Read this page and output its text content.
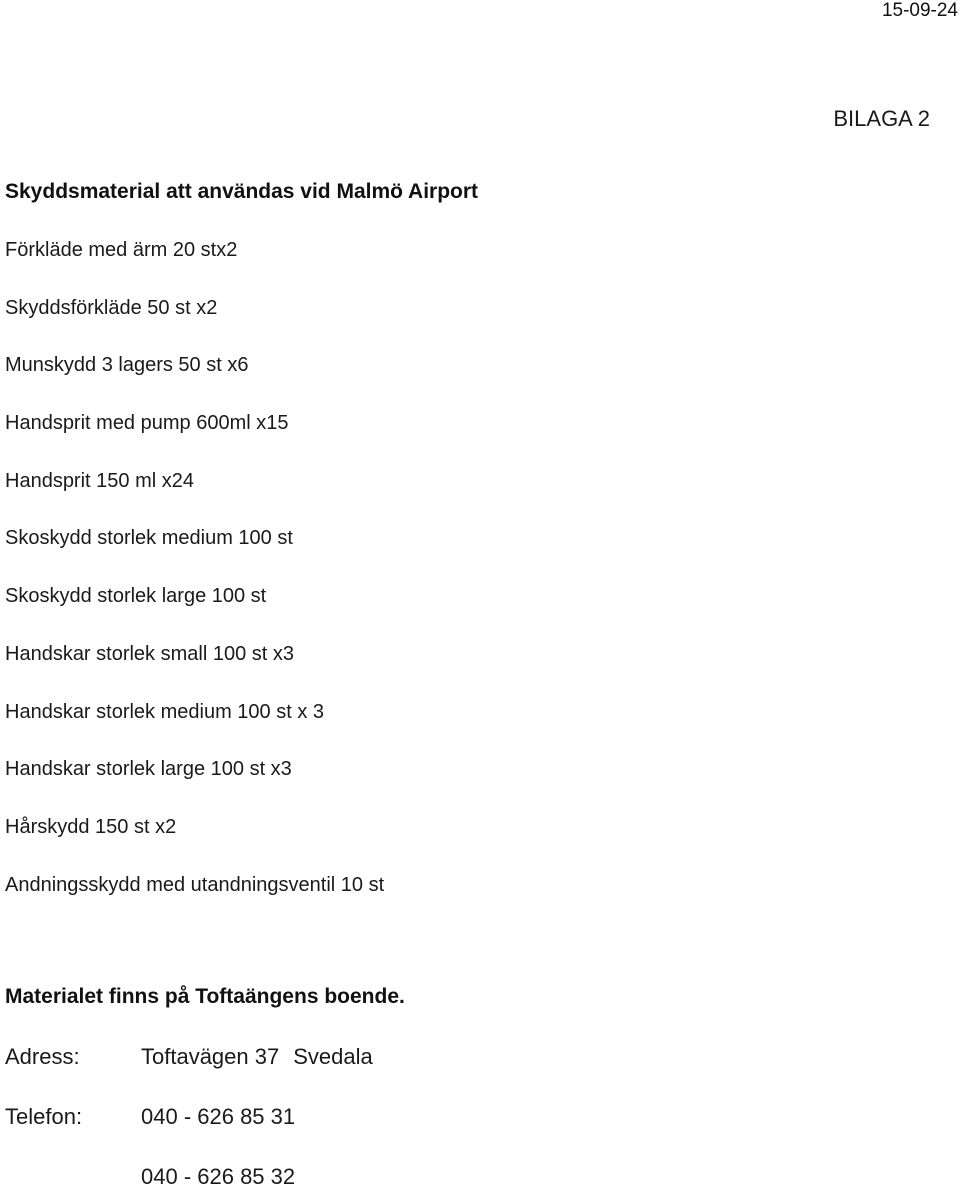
15-09-24
BILAGA 2
Skyddsmaterial att användas vid Malmö Airport
Förkläde med ärm 20 stx2
Skyddsförkläde 50 st x2
Munskydd 3 lagers 50 st x6
Handsprit med pump 600ml x15
Handsprit 150 ml x24
Skoskydd storlek medium 100 st
Skoskydd storlek large 100 st
Handskar storlek small 100 st x3
Handskar storlek medium 100 st x 3
Handskar storlek large 100 st x3
Hårskydd 150 st x2
Andningsskydd med utandningsventil 10 st
Materialet finns på Toftaängens boende.
Adress:	Toftavägen 37 Svedala
Telefon:	040 - 626 85 31
040 - 626 85 32
